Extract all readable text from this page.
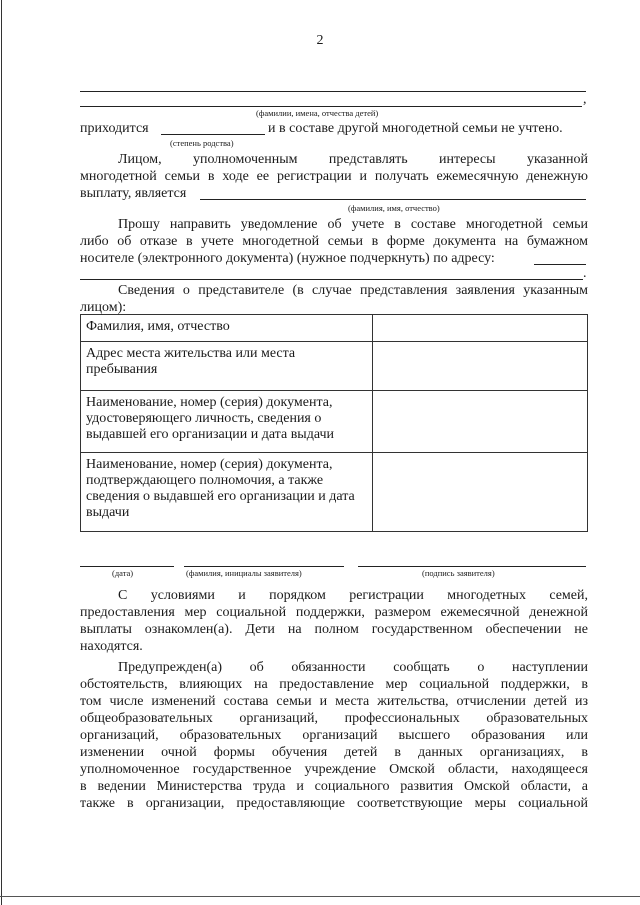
2
,
(фамилии, имена, отчества детей)
приходится	и в составе другой многодетной семьи не учтено.
(степень родства)
Лицом, уполномоченным представлять интересы указанной
многодетной семьи в ходе ее регистрации и получать ежемесячную денежную
выплату, является
(фамилия, имя, отчество)
Прошу направить уведомление об учете в составе многодетной семьи
либо об отказе в учете многодетной семьи в форме документа на бумажном
носителе (электронного документа) (нужное подчеркнуть) по адресу:
.
Сведения о представителе (в случае представления заявления указанным
лицом):
Фамилия, имя, отчество	
Адрес места жительства или места пребывания	
Наименование, номер (серия) документа, удостоверяющего личность, сведения о выдавшей его организации и дата выдачи	
Наименование, номер (серия) документа, подтверждающего полномочия, а также сведения о выдавшей его организации и дата выдачи	
(дата)	(фамилия, инициалы заявителя)	(подпись заявителя)
С условиями и порядком регистрации многодетных семей,
предоставления мер социальной поддержки, размером ежемесячной денежной
выплаты ознакомлен(а). Дети на полном государственном обеспечении не
находятся.
Предупрежден(а) об обязанности сообщать о наступлении
обстоятельств, влияющих на предоставление мер социальной поддержки, в
том числе изменений состава семьи и места жительства, отчислении детей из
общеобразовательных организаций, профессиональных образовательных
организаций, образовательных организаций высшего образования или
изменении очной формы обучения детей в данных организациях, в
уполномоченное государственное учреждение Омской области, находящееся
в ведении Министерства труда и социального развития Омской области, а
также в организации, предоставляющие соответствующие меры социальной
